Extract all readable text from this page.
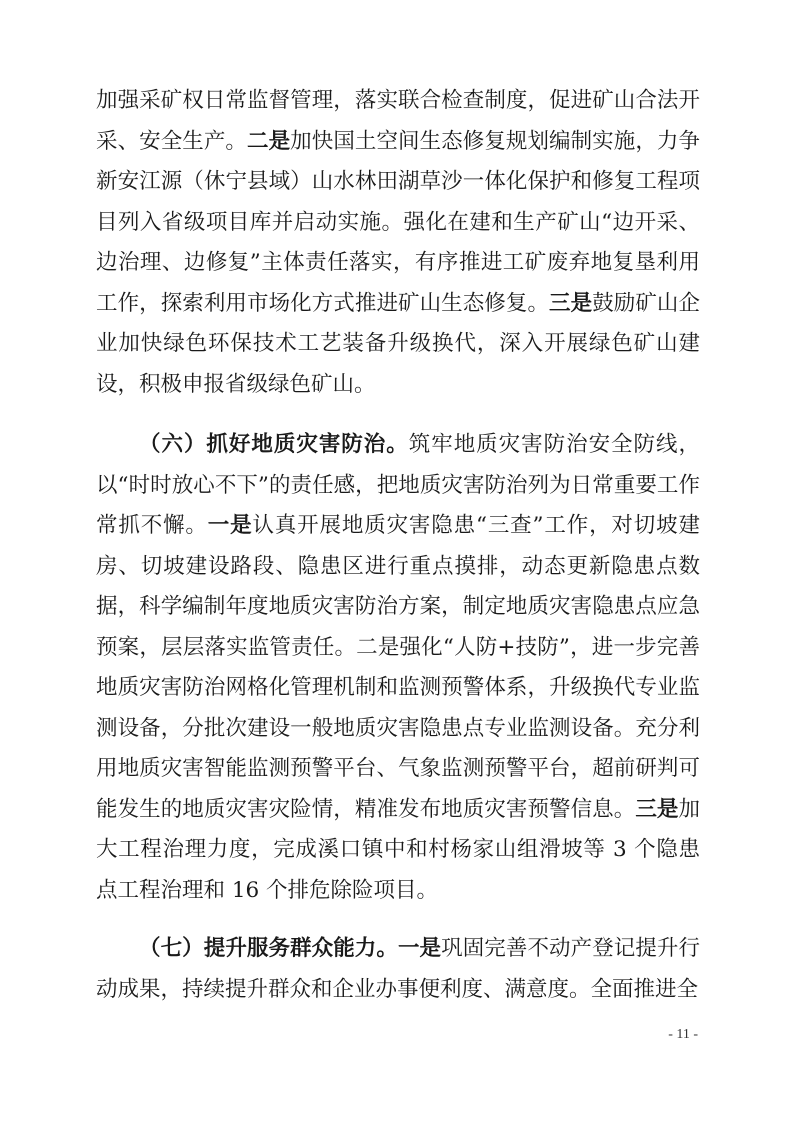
加强采矿权日常监督管理，落实联合检查制度，促进矿山合法开采、安全生产。二是加快国土空间生态修复规划编制实施，力争新安江源（休宁县域）山水林田湖草沙一体化保护和修复工程项目列入省级项目库并启动实施。强化在建和生产矿山“边开采、边治理、边修复”主体责任落实，有序推进工矿废弃地复垦利用工作，探索利用市场化方式推进矿山生态修复。三是鼓励矿山企业加快绿色环保技术工艺装备升级换代，深入开展绿色矿山建设，积极申报省级绿色矿山。

（六）抓好地质灾害防治。筑牢地质灾害防治安全防线，以“时时放心不下”的责任感，把地质灾害防治列为日常重要工作常抓不懈。一是认真开展地质灾害隐患“三查”工作，对切坡建房、切坡建设路段、隐患区进行重点摸排，动态更新隐患点数据，科学编制年度地质灾害防治方案，制定地质灾害隐患点应急预案，层层落实监管责任。二是强化“人防+技防”，进一步完善地质灾害防治网格化管理机制和监测预警体系，升级换代专业监测设备，分批次建设一般地质灾害隐患点专业监测设备。充分利用地质灾害智能监测预警平台、气象监测预警平台，超前研判可能发生的地质灾害灾险情，精准发布地质灾害预警信息。三是加大工程治理力度，完成溪口镇中和村杨家山组滑坡等 3 个隐患点工程治理和 16 个排危除险项目。

（七）提升服务群众能力。一是巩固完善不动产登记提升行动成果，持续提升群众和企业办事便利度、满意度。全面推进全

- 11 -
